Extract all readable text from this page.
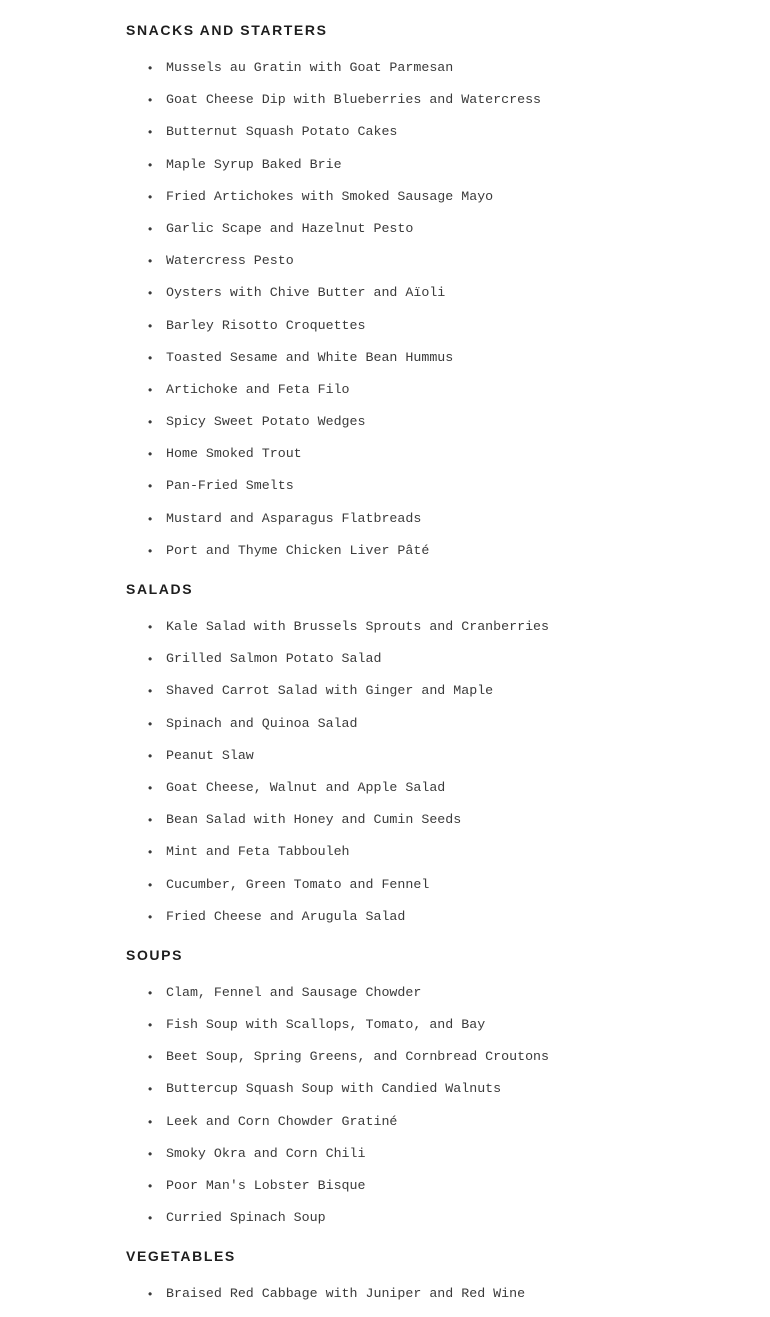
SNACKS AND STARTERS
• Mussels au Gratin with Goat Parmesan
• Goat Cheese Dip with Blueberries and Watercress
• Butternut Squash Potato Cakes
• Maple Syrup Baked Brie
• Fried Artichokes with Smoked Sausage Mayo
• Garlic Scape and Hazelnut Pesto
• Watercress Pesto
• Oysters with Chive Butter and Aïoli
• Barley Risotto Croquettes
• Toasted Sesame and White Bean Hummus
• Artichoke and Feta Filo
• Spicy Sweet Potato Wedges
• Home Smoked Trout
• Pan-Fried Smelts
• Mustard and Asparagus Flatbreads
• Port and Thyme Chicken Liver Pâté
SALADS
• Kale Salad with Brussels Sprouts and Cranberries
• Grilled Salmon Potato Salad
• Shaved Carrot Salad with Ginger and Maple
• Spinach and Quinoa Salad
• Peanut Slaw
• Goat Cheese, Walnut and Apple Salad
• Bean Salad with Honey and Cumin Seeds
• Mint and Feta Tabbouleh
• Cucumber, Green Tomato and Fennel
• Fried Cheese and Arugula Salad
SOUPS
• Clam, Fennel and Sausage Chowder
• Fish Soup with Scallops, Tomato, and Bay
• Beet Soup, Spring Greens, and Cornbread Croutons
• Buttercup Squash Soup with Candied Walnuts
• Leek and Corn Chowder Gratiné
• Smoky Okra and Corn Chili
• Poor Man's Lobster Bisque
• Curried Spinach Soup
VEGETABLES
• Braised Red Cabbage with Juniper and Red Wine
